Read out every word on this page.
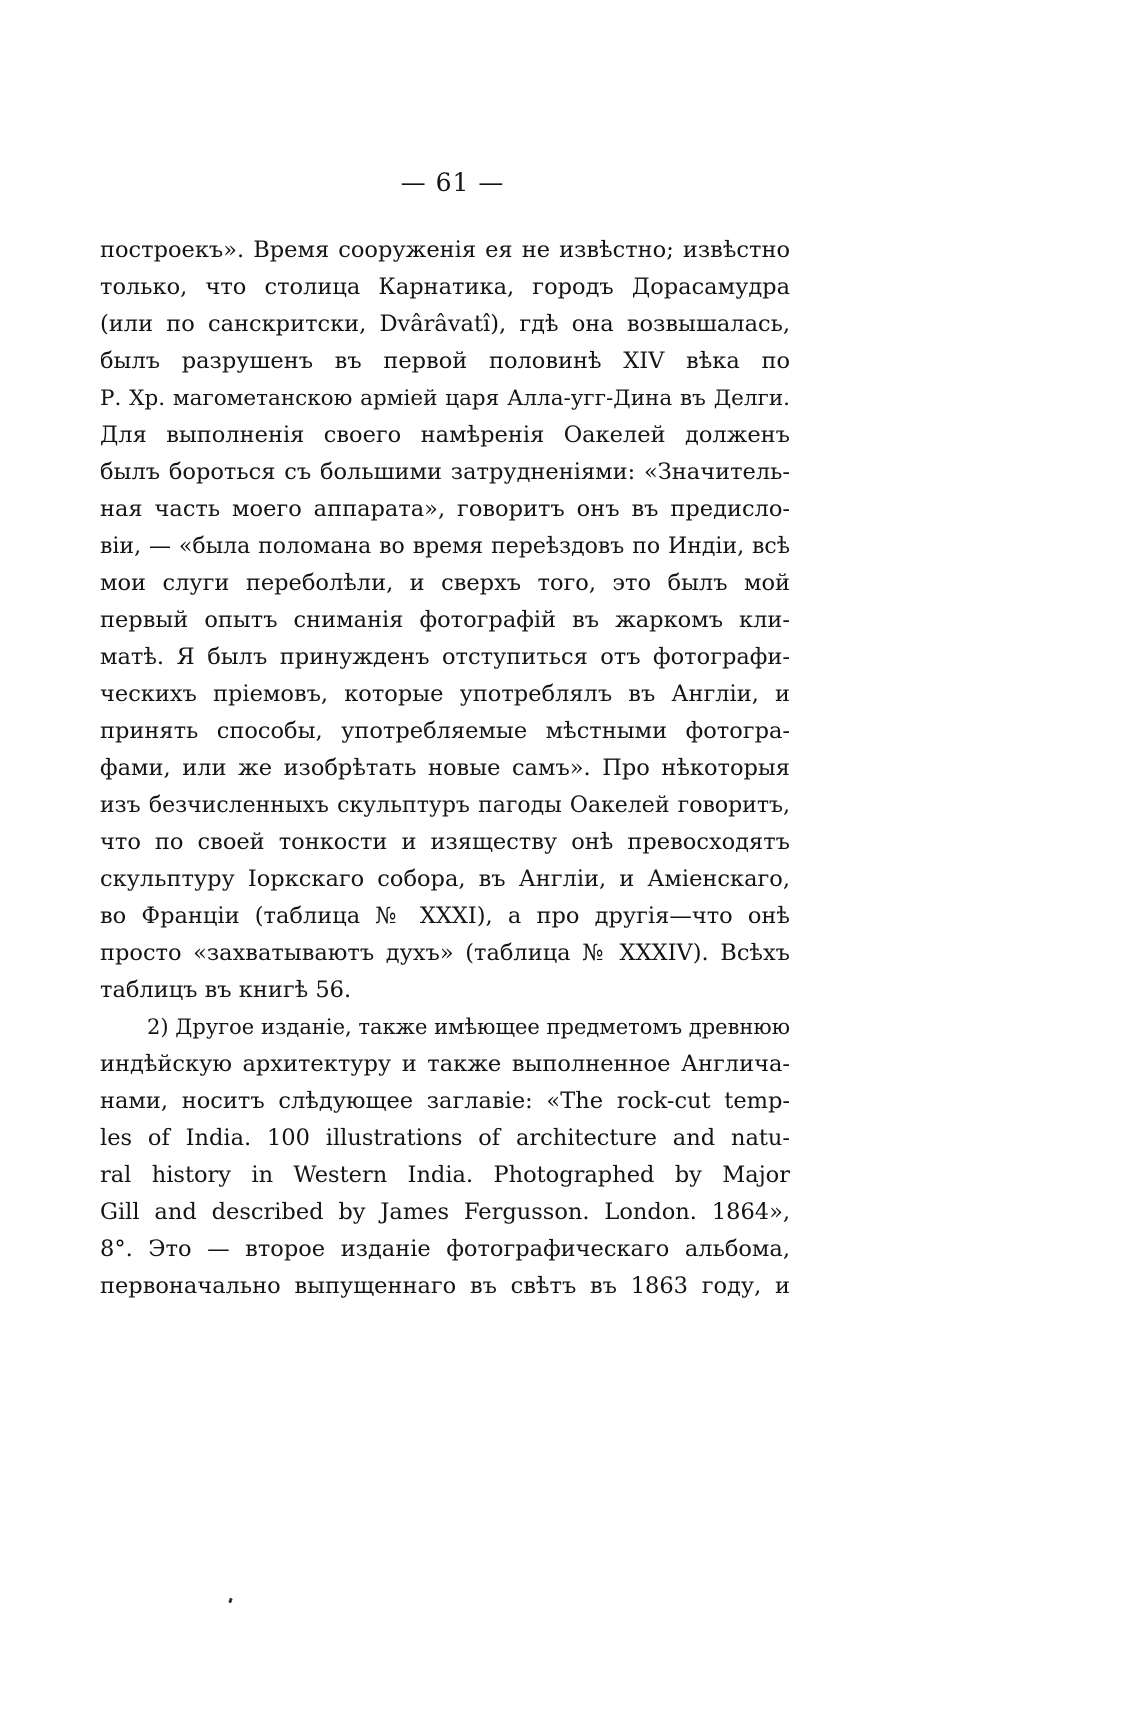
— 61 —
построекъ». Время сооруженія ея не извѣстно; извѣстно
только, что столица Карнатика, городъ Дорасамудра
(или по санскритски, Dvârâvatî), гдѣ она возвышалась,
былъ разрушенъ въ первой половинѣ XIV вѣка по
Р. Хр. магометанскою арміей царя Алла-угг-Дина въ Делги.
Для выполненія своего намѣренія Оакелей долженъ
былъ бороться съ большими затрудненіями: «Значитель-
ная часть моего аппарата», говоритъ онъ въ предисло-
віи, — «была поломана во время переѣздовъ по Индіи, всѣ
мои слуги переболѣли, и сверхъ того, это былъ мой
первый опытъ сниманія фотографій въ жаркомъ кли-
матѣ. Я былъ принужденъ отступиться отъ фотографи-
ческихъ пріемовъ, которые употреблялъ въ Англіи, и
принять способы, употребляемые мѣстными фотогра-
фами, или же изобрѣтать новые самъ». Про нѣкоторыя
изъ безчисленныхъ скульптуръ пагоды Оакелей говоритъ,
что по своей тонкости и изяществу онѣ превосходятъ
скульптуру Іоркскаго собора, въ Англіи, и Аміенскаго,
во Франціи (таблица № XXXI), а про другія—что онѣ
просто «захватываютъ духъ» (таблица № XXXIV). Всѣхъ
таблицъ въ книгѣ 56.
2) Другое изданіе, также имѣющее предметомъ древнюю
индѣйскую архитектуру и также выполненное Англича-
нами, носитъ слѣдующее заглавіе: «The rock-cut temp-
les of India. 100 illustrations of architecture and natu-
ral history in Western India. Photographed by Major
Gill and described by James Fergusson. London. 1864»,
8°. Это — второе изданіе фотографическаго альбома,
первоначально выпущеннаго въ свѣтъ въ 1863 году, и
